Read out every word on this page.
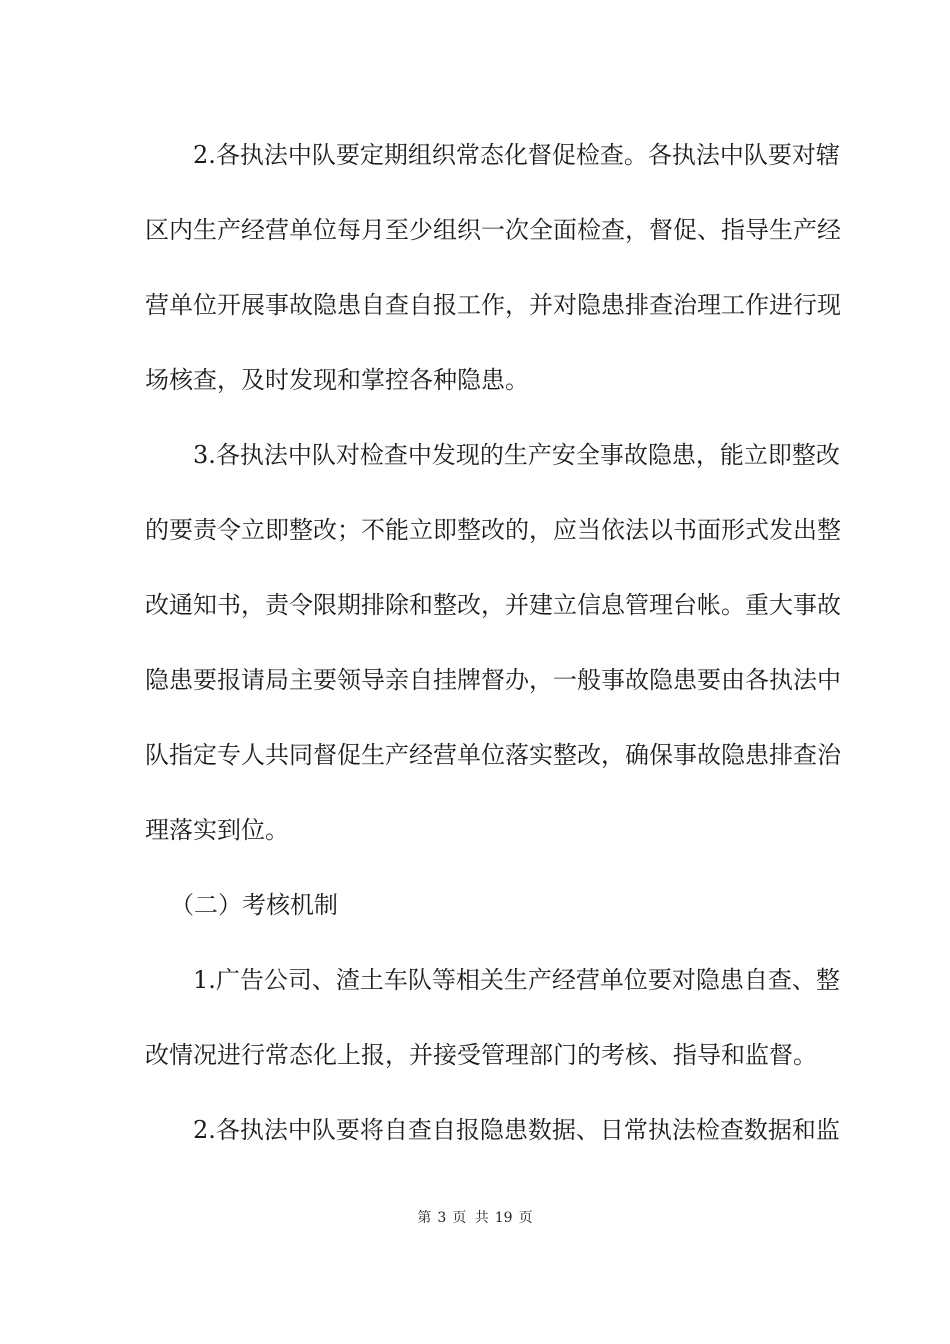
2.各执法中队要定期组织常态化督促检查。各执法中队要对辖
区内生产经营单位每月至少组织一次全面检查，督促、指导生产经
营单位开展事故隐患自查自报工作，并对隐患排查治理工作进行现
场核查，及时发现和掌控各种隐患。
3.各执法中队对检查中发现的生产安全事故隐患，能立即整改
的要责令立即整改；不能立即整改的，应当依法以书面形式发出整
改通知书，责令限期排除和整改，并建立信息管理台帐。重大事故
隐患要报请局主要领导亲自挂牌督办，一般事故隐患要由各执法中
队指定专人共同督促生产经营单位落实整改，确保事故隐患排查治
理落实到位。
（二）考核机制
1.广告公司、渣土车队等相关生产经营单位要对隐患自查、整
改情况进行常态化上报，并接受管理部门的考核、指导和监督。
2.各执法中队要将自查自报隐患数据、日常执法检查数据和监
第 3 页 共 19 页
